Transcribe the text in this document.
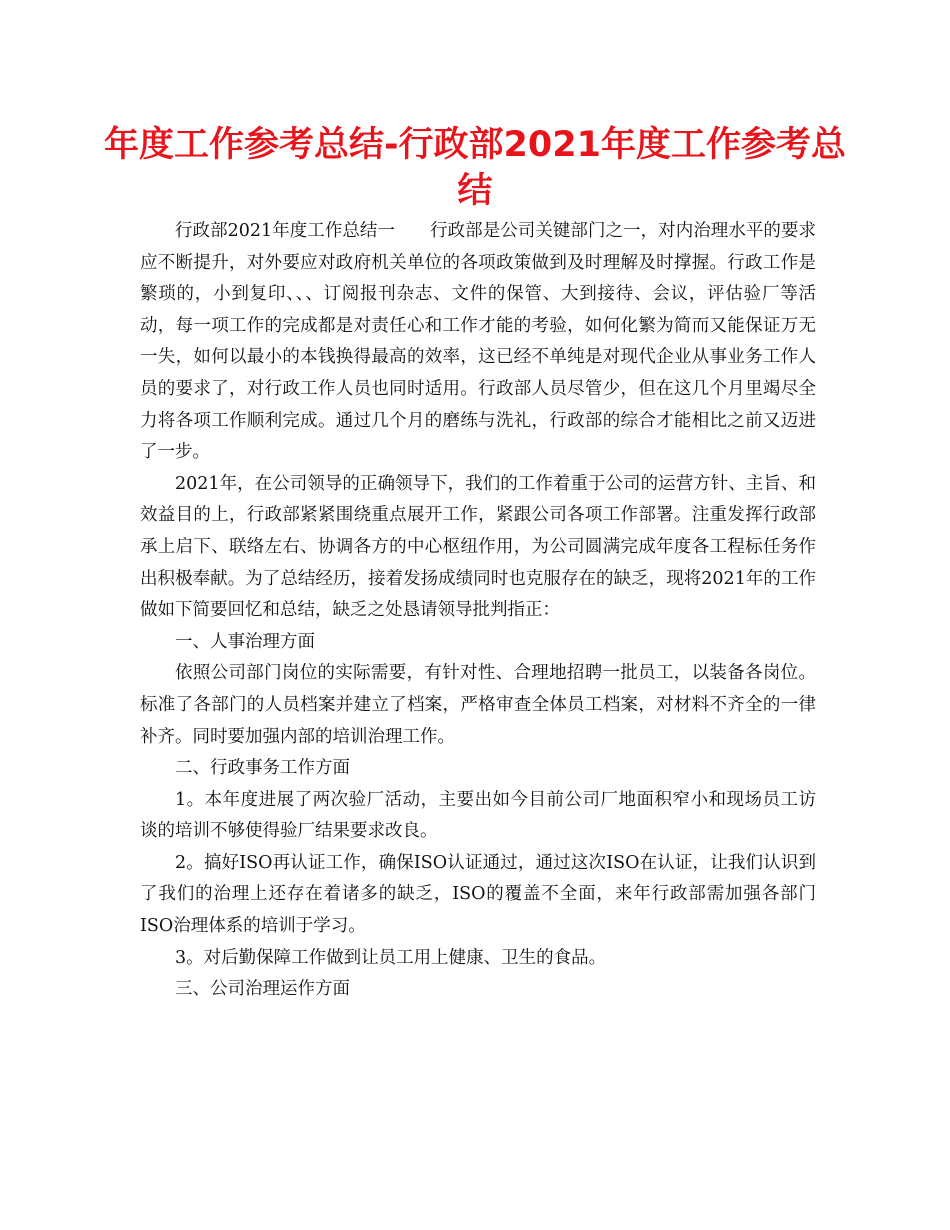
年度工作参考总结-行政部2021年度工作参考总结

行政部2021年度工作总结一　　行政部是公司关键部门之一，对内治理水平的要求应不断提升，对外要应对政府机关单位的各项政策做到及时理解及时撑握。行政工作是繁琐的，小到复印、、、订阅报刊杂志、文件的保管、大到接待、会议，评估验厂等活动，每一项工作的完成都是对责任心和工作才能的考验，如何化繁为简而又能保证万无一失，如何以最小的本钱换得最高的效率，这已经不单纯是对现代企业从事业务工作人员的要求了，对行政工作人员也同时适用。行政部人员尽管少，但在这几个月里竭尽全力将各项工作顺利完成。通过几个月的磨练与洗礼，行政部的综合才能相比之前又迈进了一步。

2021年，在公司领导的正确领导下，我们的工作着重于公司的运营方针、主旨、和效益目的上，行政部紧紧围绕重点展开工作，紧跟公司各项工作部署。注重发挥行政部承上启下、联络左右、协调各方的中心枢纽作用，为公司圆满完成年度各工程标任务作出积极奉献。为了总结经历，接着发扬成绩同时也克服存在的缺乏，现将2021年的工作做如下简要回忆和总结，缺乏之处恳请领导批判指正：

一、人事治理方面

依照公司部门岗位的实际需要，有针对性、合理地招聘一批员工，以装备各岗位。标准了各部门的人员档案并建立了档案，严格审查全体员工档案，对材料不齐全的一律补齐。同时要加强内部的培训治理工作。

二、行政事务工作方面

1。本年度进展了两次验厂活动，主要出如今目前公司厂地面积窄小和现场员工访谈的培训不够使得验厂结果要求改良。

2。搞好ISO再认证工作，确保ISO认证通过，通过这次ISO在认证，让我们认识到了我们的治理上还存在着诸多的缺乏，ISO的覆盖不全面，来年行政部需加强各部门ISO治理体系的培训于学习。

3。对后勤保障工作做到让员工用上健康、卫生的食品。

三、公司治理运作方面
